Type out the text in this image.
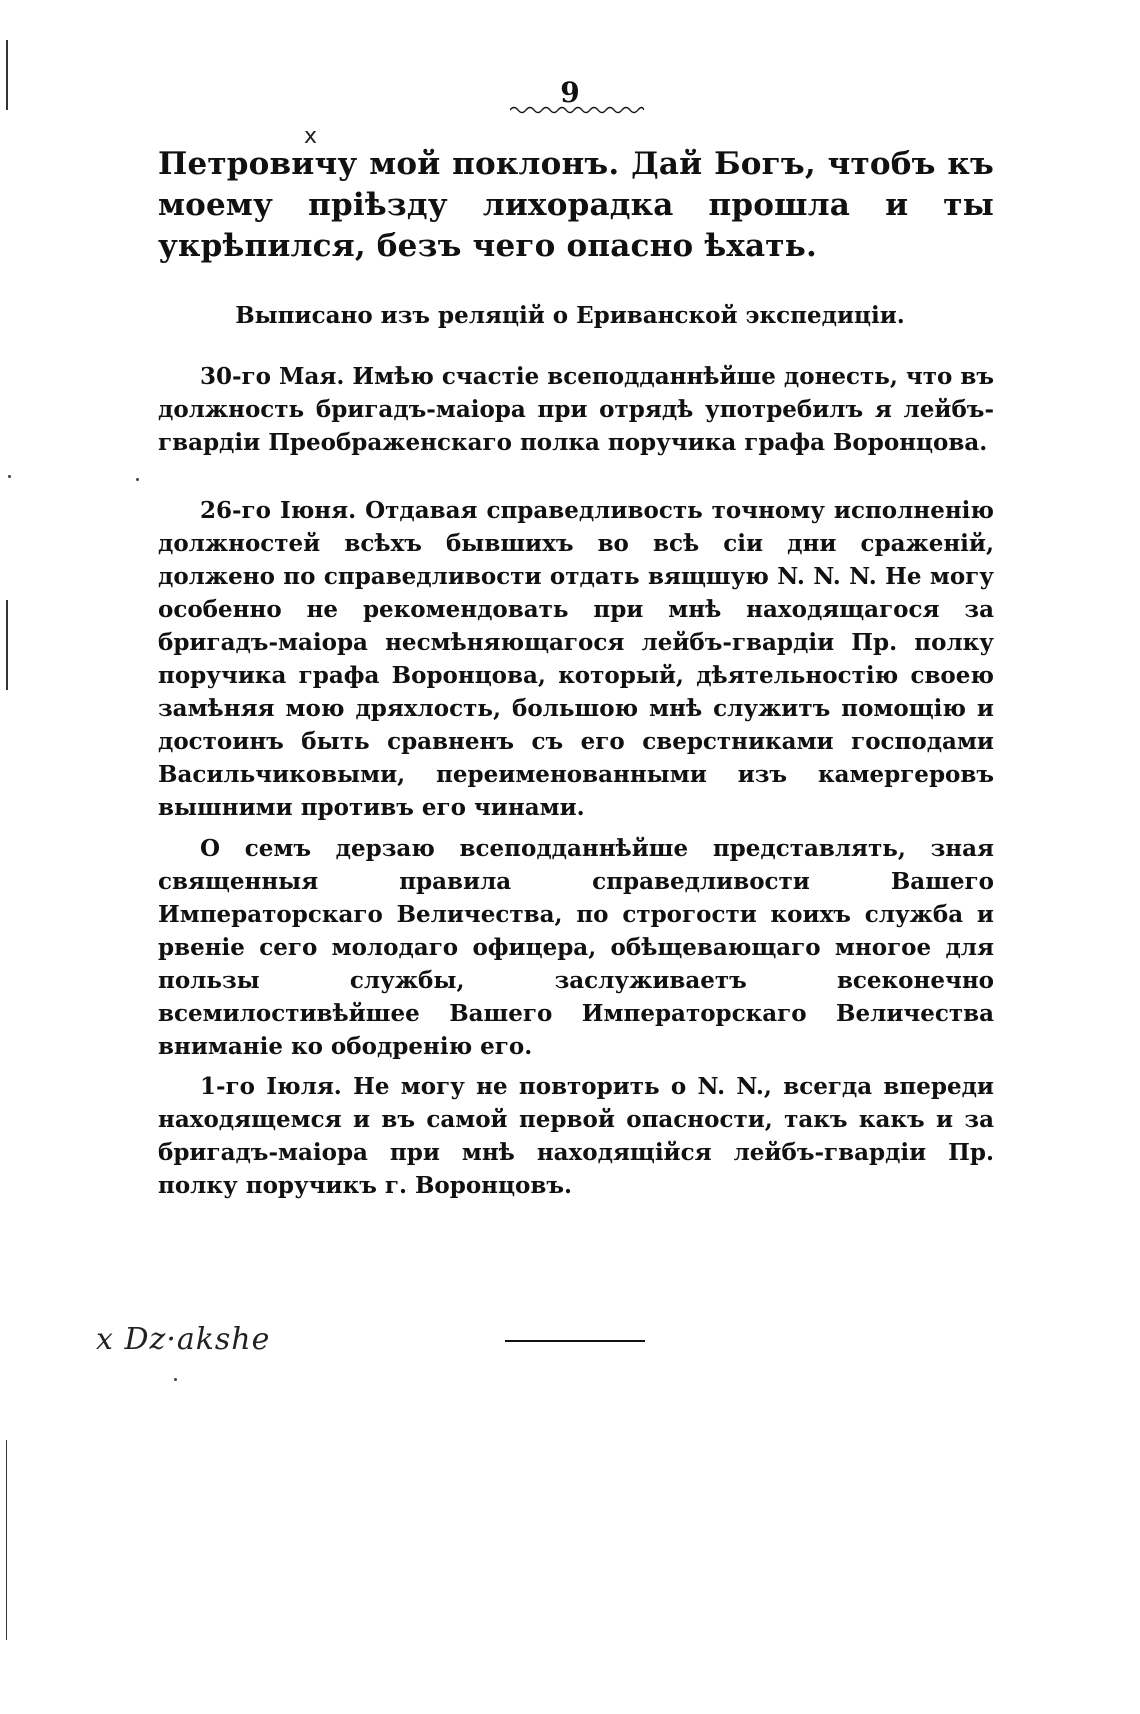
9
x

Петровичу мой поклонъ. Дай Богъ, чтобъ къ моему пріѣзду лихорадка прошла и ты укрѣпился, безъ чего опасно ѣхать.

Выписано изъ реляцій о Ериванской экспедиціи.

30-го Мая. Имѣю счастіе всеподданнѣйше донесть, что въ должность бригадъ-маіора при отрядѣ употребилъ я лейбъ-гвардіи Преображенскаго полка поручика графа Воронцова.

26-го Іюня. Отдавая справедливость точному исполненію должностей всѣхъ бывшихъ во всѣ сіи дни сраженій, должено по справедливости отдать вящшую N. N. N. Не могу особенно не рекомендовать при мнѣ находящагося за бригадъ-маіора несмѣняющагося лейбъ-гвардіи Пр. полку поручика графа Воронцова, который, дѣятельностію своею замѣняя мою дряхлость, большою мнѣ служитъ помощію и достоинъ быть сравненъ съ его сверстниками господами Васильчиковыми, переименованными изъ камергеровъ вышними противъ его чинами.

О семъ дерзаю всеподданнѣйше представлять, зная священныя правила справедливости Вашего Императорскаго Величества, по строгости коихъ служба и рвеніе сего молодаго офицера, обѣщевающаго многое для пользы службы, заслуживаетъ всеконечно всемилостивѣйшее Вашего Императорскаго Величества вниманіе ко ободренію его.

1-го Іюля. Не могу не повторить о N. N., всегда впереди находящемся и въ самой первой опасности, такъ какъ и за бригадъ-маіора при мнѣ находящійся лейбъ-гвардіи Пр. полку поручикъ г. Воронцовъ.

x Dz·akshe
